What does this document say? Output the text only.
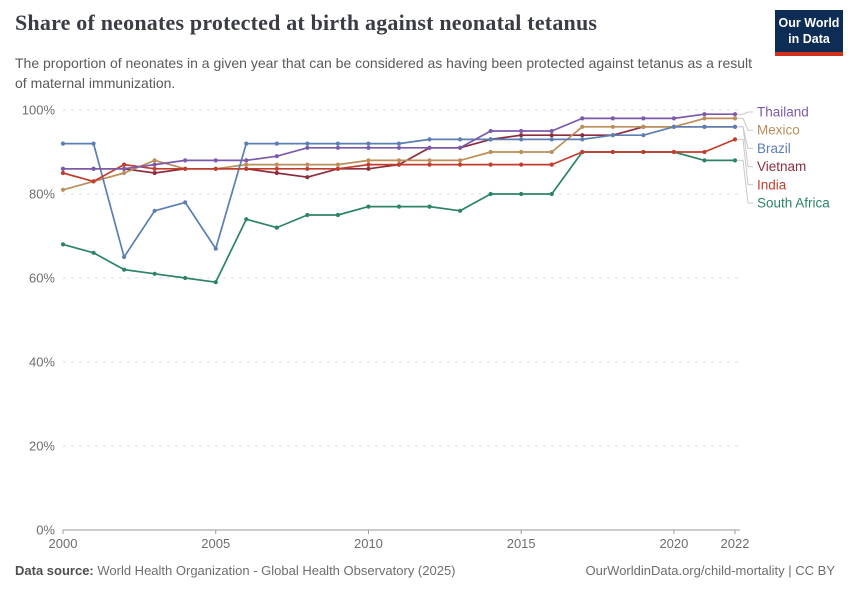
Share of neonates protected at birth against neonatal tetanus	Our World
in Data

The proportion of neonates in a given year that can be considered as having been protected against tetanus as a result of maternal immunization.

0%
20%
40%
60%
80%
100%
2000	2005	2010	2015	2020 2022
Thailand
Mexico
Brazil
Vietnam
India
South Africa
Data source: World Health Organization - Global Health Observatory (2025)	OurWorldinData.org/child-mortality | CC BY
